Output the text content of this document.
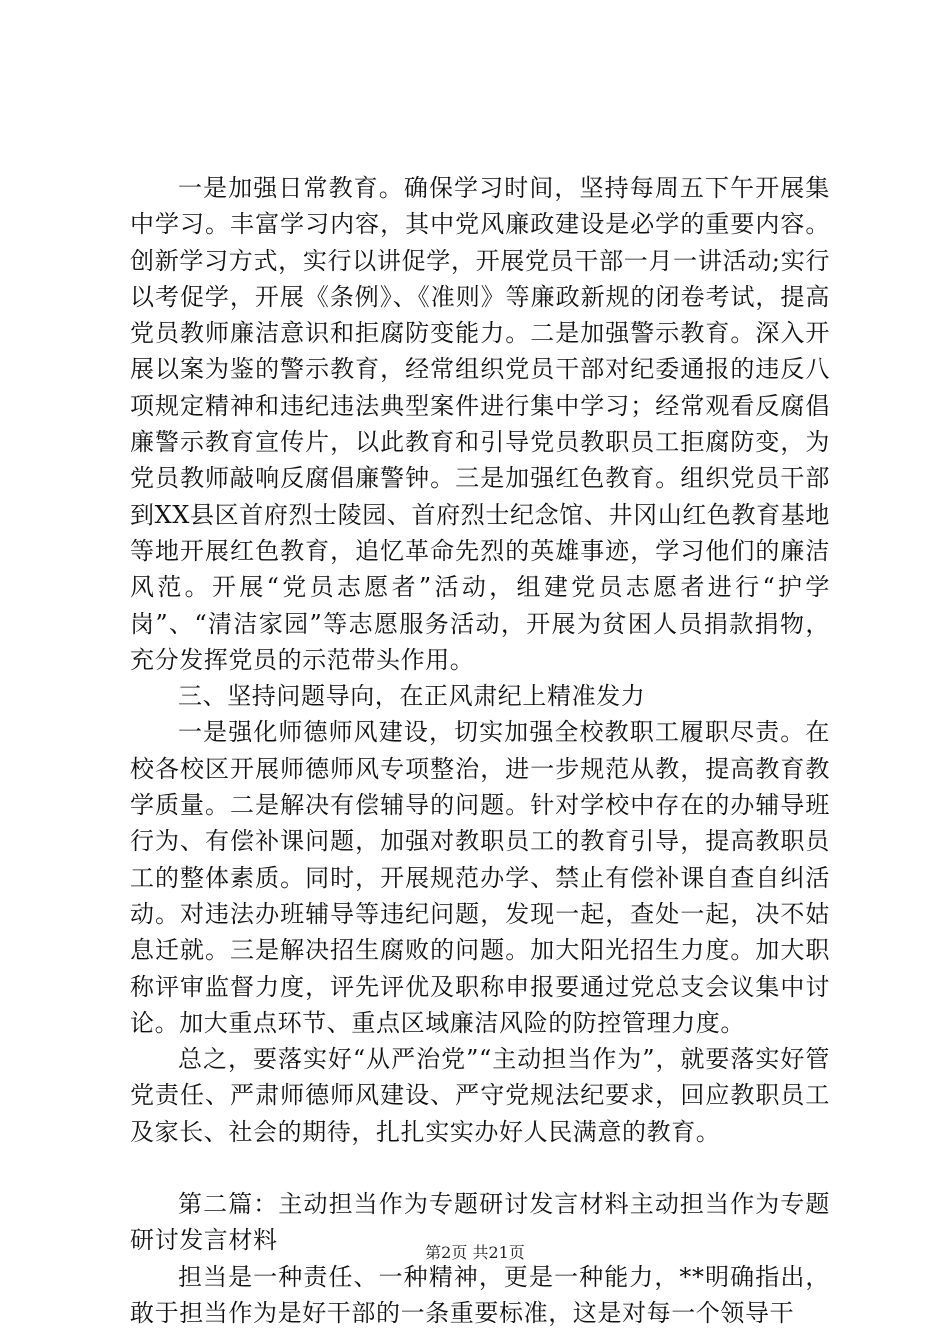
一是加强日常教育。确保学习时间，坚持每周五下午开展集中学习。丰富学习内容，其中党风廉政建设是必学的重要内容。创新学习方式，实行以讲促学，开展党员干部一月一讲活动;实行以考促学，开展《条例》、《准则》等廉政新规的闭卷考试，提高党员教师廉洁意识和拒腐防变能力。二是加强警示教育。深入开展以案为鉴的警示教育，经常组织党员干部对纪委通报的违反八项规定精神和违纪违法典型案件进行集中学习；经常观看反腐倡廉警示教育宣传片，以此教育和引导党员教职员工拒腐防变，为党员教师敲响反腐倡廉警钟。三是加强红色教育。组织党员干部到XX县区首府烈士陵园、首府烈士纪念馆、井冈山红色教育基地等地开展红色教育，追忆革命先烈的英雄事迹，学习他们的廉洁风范。开展“党员志愿者”活动，组建党员志愿者进行“护学岗”、“清洁家园”等志愿服务活动，开展为贫困人员捐款捐物，充分发挥党员的示范带头作用。

三、坚持问题导向，在正风肃纪上精准发力

一是强化师德师风建设，切实加强全校教职工履职尽责。在校各校区开展师德师风专项整治，进一步规范从教，提高教育教学质量。二是解决有偿辅导的问题。针对学校中存在的办辅导班行为、有偿补课问题，加强对教职员工的教育引导，提高教职员工的整体素质。同时，开展规范办学、禁止有偿补课自查自纠活动。对违法办班辅导等违纪问题，发现一起，查处一起，决不姑息迁就。三是解决招生腐败的问题。加大阳光招生力度。加大职称评审监督力度，评先评优及职称申报要通过党总支会议集中讨论。加大重点环节、重点区域廉洁风险的防控管理力度。

总之，要落实好“从严治党”“主动担当作为”，就要落实好管党责任、严肃师德师风建设、严守党规法纪要求，回应教职员工及家长、社会的期待，扎扎实实办好人民满意的教育。

第二篇：主动担当作为专题研讨发言材料主动担当作为专题研讨发言材料

担当是一种责任、一种精神，更是一种能力，**明确指出，敢于担当作为是好干部的一条重要标准，这是对每一个领导干

第2页 共21页
